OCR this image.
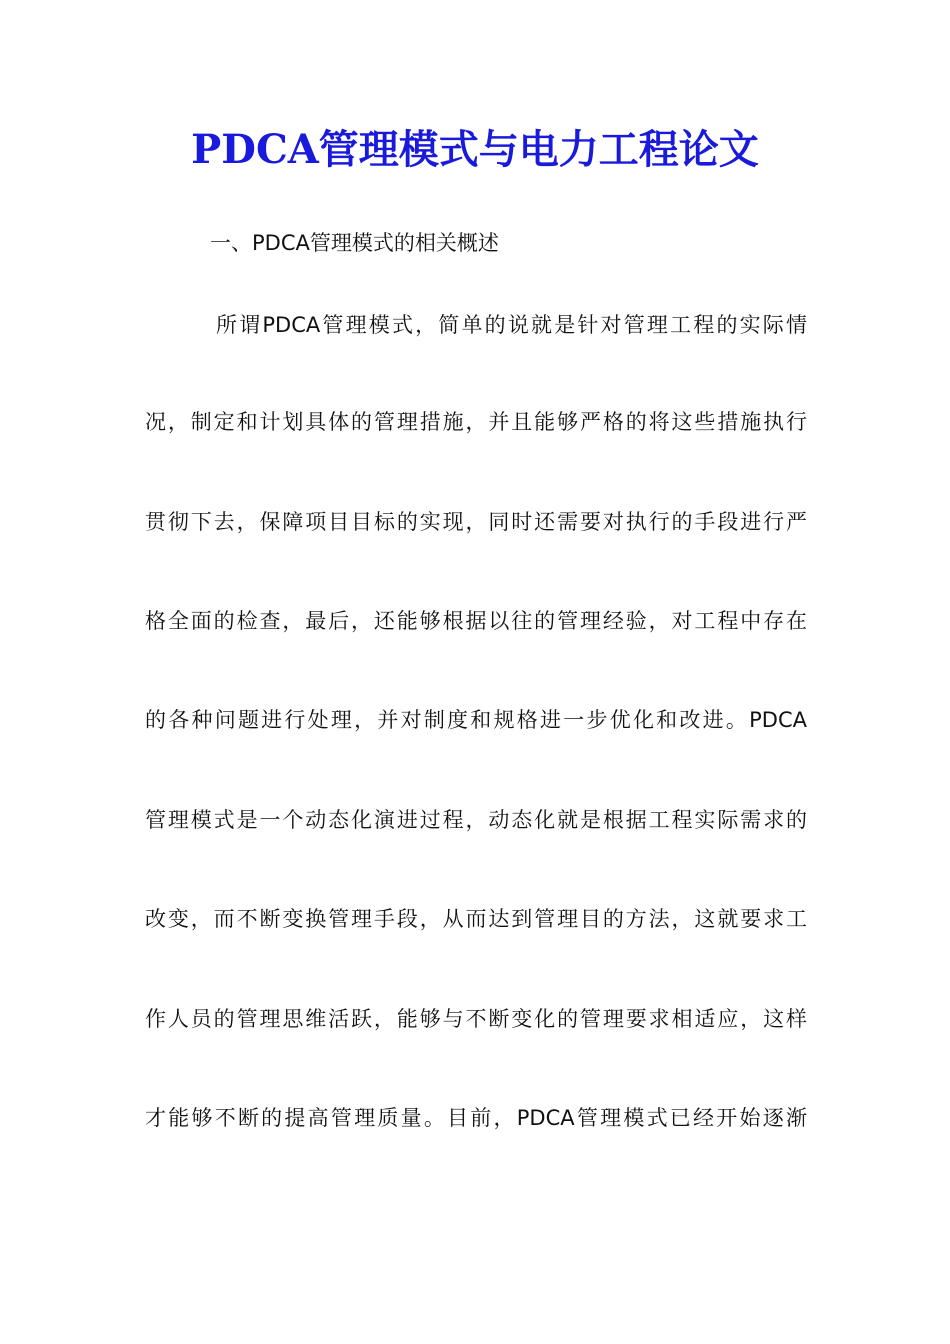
PDCA管理模式与电力工程论文
一、PDCA管理模式的相关概述
所谓PDCA管理模式，简单的说就是针对管理工程的实际情
况，制定和计划具体的管理措施，并且能够严格的将这些措施执行
贯彻下去，保障项目目标的实现，同时还需要对执行的手段进行严
格全面的检查，最后，还能够根据以往的管理经验，对工程中存在
的各种问题进行处理，并对制度和规格进一步优化和改进。PDCA
管理模式是一个动态化演进过程，动态化就是根据工程实际需求的
改变，而不断变换管理手段，从而达到管理目的方法，这就要求工
作人员的管理思维活跃，能够与不断变化的管理要求相适应，这样
才能够不断的提高管理质量。目前，PDCA管理模式已经开始逐渐
